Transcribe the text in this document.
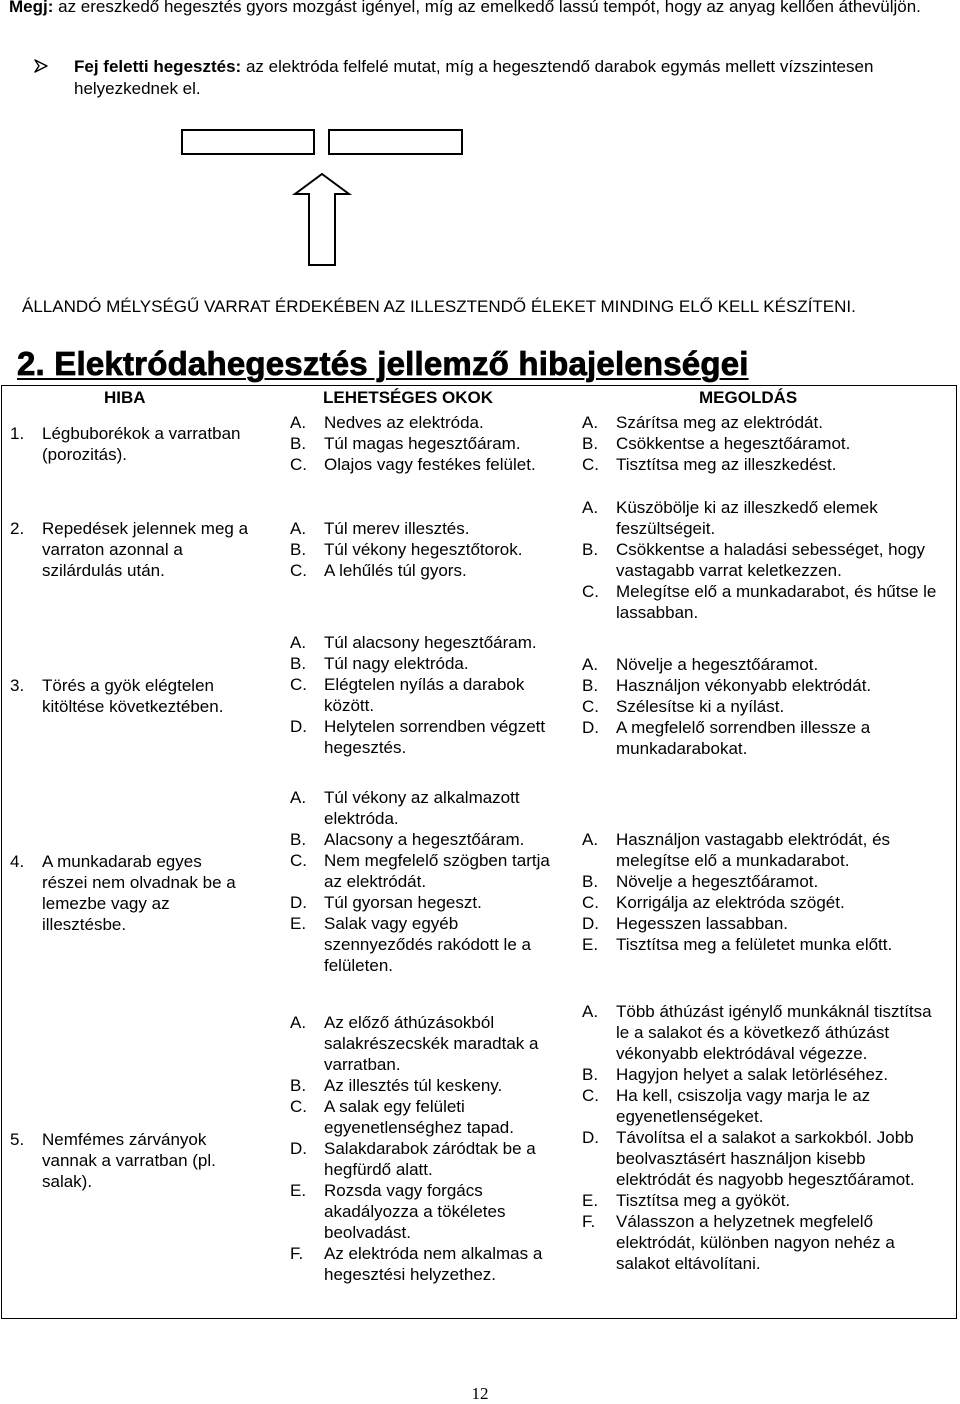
Megj: az ereszkedő hegesztés gyors mozgást igényel, míg az emelkedő lassú tempót, hogy az anyag kellően áthevüljön.
Fej feletti hegesztés: az elektróda felfelé mutat, míg a hegesztendő darabok egymás mellett vízszintesen helyezkednek el.
ÁLLANDÓ MÉLYSÉGŰ VARRAT ÉRDEKÉBEN AZ ILLESZTENDŐ ÉLEKET MINDING ELŐ KELL KÉSZÍTENI.
2. Elektródahegesztés jellemző hibajelenségei
HIBA	LEHETSÉGES OKOK	MEGOLDÁS
1. Légbuborékok a varratban (porozitás).
A. Nedves az elektróda.
B. Túl magas hegesztőáram.
C. Olajos vagy festékes felület.
A. Szárítsa meg az elektródát.
B. Csökkentse a hegesztőáramot.
C. Tisztítsa meg az illeszkedést.
2. Repedések jelennek meg a varraton azonnal a szilárdulás után.
A. Túl merev illesztés.
B. Túl vékony hegesztőtorok.
C. A lehűlés túl gyors.
A. Küszöbölje ki az illeszkedő elemek feszültségeit.
B. Csökkentse a haladási sebességet, hogy vastagabb varrat keletkezzen.
C. Melegítse elő a munkadarabot, és hűtse le lassabban.
3. Törés a gyök elégtelen kitöltése következtében.
A. Túl alacsony hegesztőáram.
B. Túl nagy elektróda.
C. Elégtelen nyílás a darabok között.
D. Helytelen sorrendben végzett hegesztés.
A. Növelje a hegesztőáramot.
B. Használjon vékonyabb elektródát.
C. Szélesítse ki a nyílást.
D. A megfelelő sorrendben illessze a munkadarabokat.
4. A munkadarab egyes részei nem olvadnak be a lemezbe vagy az illesztésbe.
A. Túl vékony az alkalmazott elektróda.
B. Alacsony a hegesztőáram.
C. Nem megfelelő szögben tartja az elektródát.
D. Túl gyorsan hegeszt.
E. Salak vagy egyéb szennyeződés rakódott le a felületen.
A. Használjon vastagabb elektródát, és melegítse elő a munkadarabot.
B. Növelje a hegesztőáramot.
C. Korrigálja az elektróda szögét.
D. Hegesszen lassabban.
E. Tisztítsa meg a felületet munka előtt.
5. Nemfémes zárványok vannak a varratban (pl. salak).
A. Az előző áthúzásokból salakrészecskék maradtak a varratban.
B. Az illesztés túl keskeny.
C. A salak egy felületi egyenetlenséghez tapad.
D. Salakdarabok záródtak be a hegfürdő alatt.
E. Rozsda vagy forgács akadályozza a tökéletes beolvadást.
F. Az elektróda nem alkalmas a hegesztési helyzethez.
A. Több áthúzást igénylő munkáknál tisztítsa le a salakot és a következő áthúzást vékonyabb elektródával végezze.
B. Hagyjon helyet a salak letörléséhez.
C. Ha kell, csiszolja vagy marja le az egyenetlenségeket.
D. Távolítsa el a salakot a sarkokból. Jobb beolvasztásért használjon kisebb elektródát és nagyobb hegesztőáramot.
E. Tisztítsa meg a gyököt.
F. Válasszon a helyzetnek megfelelő elektródát, különben nagyon nehéz a salakot eltávolítani.
12
